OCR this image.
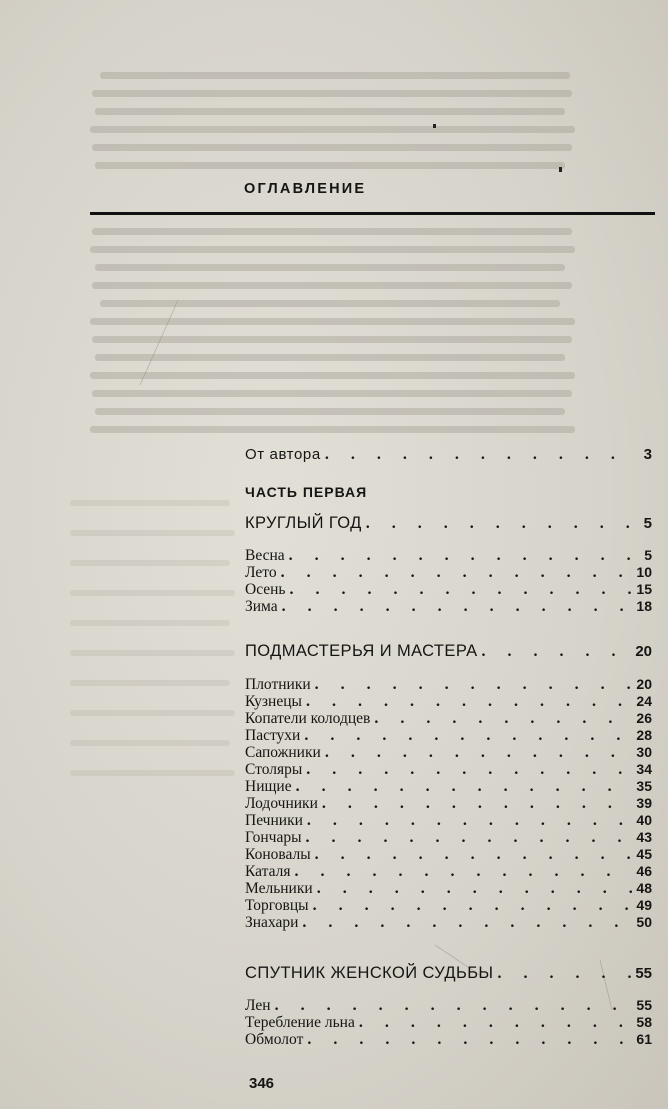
ОГЛАВЛЕНИЕ
От автора . . .	3
ЧАСТЬ ПЕРВАЯ
КРУГЛЫЙ ГОД . . .	5
Весна . . .	5
Лето . . .	10
Осень . . .	15
Зима . . .	18
ПОДМАСТЕРЬЯ И МАСТЕРА . . .	20
Плотники . . .	20
Кузнецы . . .	24
Копатели колодцев . . .	26
Пастухи . . .	28
Сапожники . . .	30
Столяры . . .	34
Нищие . . .	35
Лодочники . . .	39
Печники . . .	40
Гончары . . .	43
Коновалы . . .	45
Каталя . . .	46
Мельники . . .	48
Торговцы . . .	49
Знахари . . .	50
СПУТНИК ЖЕНСКОЙ СУДЬБЫ . . .	55
Лен . . .	55
Теребление льна . . .	58
Обмолот . . .	61
346
